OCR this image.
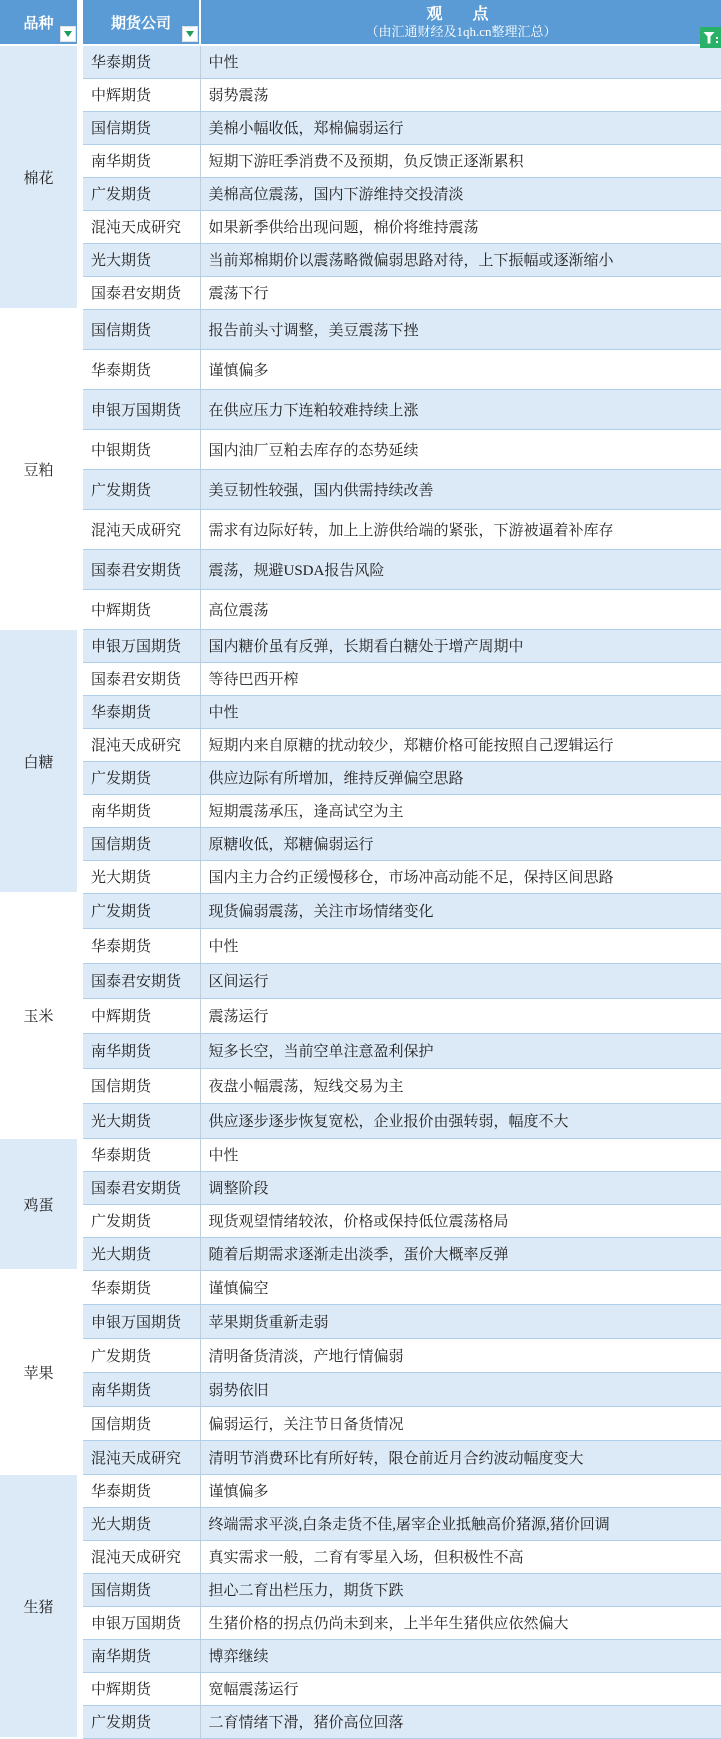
品种	期货公司	观　点
（由汇通财经及1qh.cn整理汇总）

棉花	华泰期货	中性
	中辉期货	弱势震荡
	国信期货	美棉小幅收低，郑棉偏弱运行
	南华期货	短期下游旺季消费不及预期，负反馈正逐渐累积
	广发期货	美棉高位震荡，国内下游维持交投清淡
	混沌天成研究	如果新季供给出现问题，棉价将维持震荡
	光大期货	当前郑棉期价以震荡略微偏弱思路对待，上下振幅或逐渐缩小
	国泰君安期货	震荡下行
豆粕	国信期货	报告前头寸调整，美豆震荡下挫
	华泰期货	谨慎偏多
	申银万国期货	在供应压力下连粕较难持续上涨
	中银期货	国内油厂豆粕去库存的态势延续
	广发期货	美豆韧性较强，国内供需持续改善
	混沌天成研究	需求有边际好转，加上上游供给端的紧张，下游被逼着补库存
	国泰君安期货	震荡，规避USDA报告风险
	中辉期货	高位震荡
白糖	申银万国期货	国内糖价虽有反弹，长期看白糖处于增产周期中
	国泰君安期货	等待巴西开榨
	华泰期货	中性
	混沌天成研究	短期内来自原糖的扰动较少，郑糖价格可能按照自己逻辑运行
	广发期货	供应边际有所增加，维持反弹偏空思路
	南华期货	短期震荡承压，逢高试空为主
	国信期货	原糖收低，郑糖偏弱运行
	光大期货	国内主力合约正缓慢移仓，市场冲高动能不足，保持区间思路
玉米	广发期货	现货偏弱震荡，关注市场情绪变化
	华泰期货	中性
	国泰君安期货	区间运行
	中辉期货	震荡运行
	南华期货	短多长空，当前空单注意盈利保护
	国信期货	夜盘小幅震荡，短线交易为主
	光大期货	供应逐步逐步恢复宽松，企业报价由强转弱，幅度不大
鸡蛋	华泰期货	中性
	国泰君安期货	调整阶段
	广发期货	现货观望情绪较浓，价格或保持低位震荡格局
	光大期货	随着后期需求逐渐走出淡季，蛋价大概率反弹
苹果	华泰期货	谨慎偏空
	申银万国期货	苹果期货重新走弱
	广发期货	清明备货清淡，产地行情偏弱
	南华期货	弱势依旧
	国信期货	偏弱运行，关注节日备货情况
	混沌天成研究	清明节消费环比有所好转，限仓前近月合约波动幅度变大
生猪	华泰期货	谨慎偏多
	光大期货	终端需求平淡,白条走货不佳,屠宰企业抵触高价猪源,猪价回调
	混沌天成研究	真实需求一般，二育有零星入场，但积极性不高
	国信期货	担心二育出栏压力，期货下跌
	申银万国期货	生猪价格的拐点仍尚未到来，上半年生猪供应依然偏大
	南华期货	博弈继续
	中辉期货	宽幅震荡运行
	广发期货	二育情绪下滑，猪价高位回落
